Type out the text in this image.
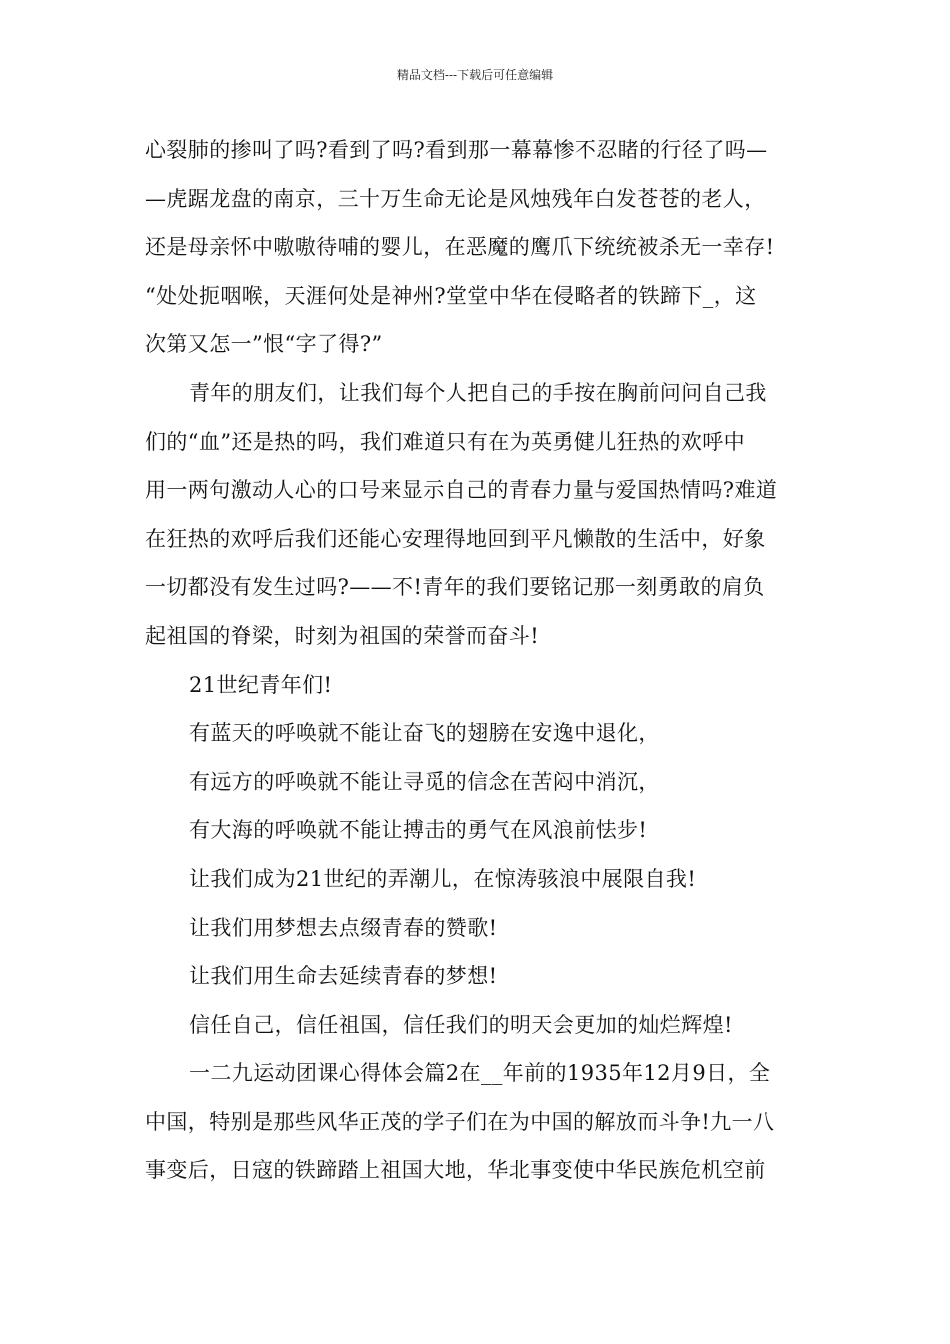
精品文档---下载后可任意编辑

心裂肺的掺叫了吗?看到了吗?看到那一幕幕惨不忍睹的行径了吗—
—虎踞龙盘的南京，三十万生命无论是风烛残年白发苍苍的老人，
还是母亲怀中嗷嗷待哺的婴儿，在恶魔的鹰爪下统统被杀无一幸存!
“处处扼咽喉，天涯何处是神州?堂堂中华在侵略者的铁蹄下_，这
次第又怎一”恨“字了得?”

青年的朋友们，让我们每个人把自己的手按在胸前问问自己我
们的“血”还是热的吗，我们难道只有在为英勇健儿狂热的欢呼中
用一两句激动人心的口号来显示自己的青春力量与爱国热情吗?难道
在狂热的欢呼后我们还能心安理得地回到平凡懒散的生活中，好象
一切都没有发生过吗?——不!青年的我们要铭记那一刻勇敢的肩负
起祖国的脊梁，时刻为祖国的荣誉而奋斗!

21世纪青年们!

有蓝天的呼唤就不能让奋飞的翅膀在安逸中退化，

有远方的呼唤就不能让寻觅的信念在苦闷中消沉，

有大海的呼唤就不能让搏击的勇气在风浪前怯步!

让我们成为21世纪的弄潮儿，在惊涛骇浪中展限自我!

让我们用梦想去点缀青春的赞歌!

让我们用生命去延续青春的梦想!

信任自己，信任祖国，信任我们的明天会更加的灿烂辉煌!

一二九运动团课心得体会篇2在__年前的1935年12月9日，全
中国，特别是那些风华正茂的学子们在为中国的解放而斗争!九一八
事变后，日寇的铁蹄踏上祖国大地，华北事变使中华民族危机空前
